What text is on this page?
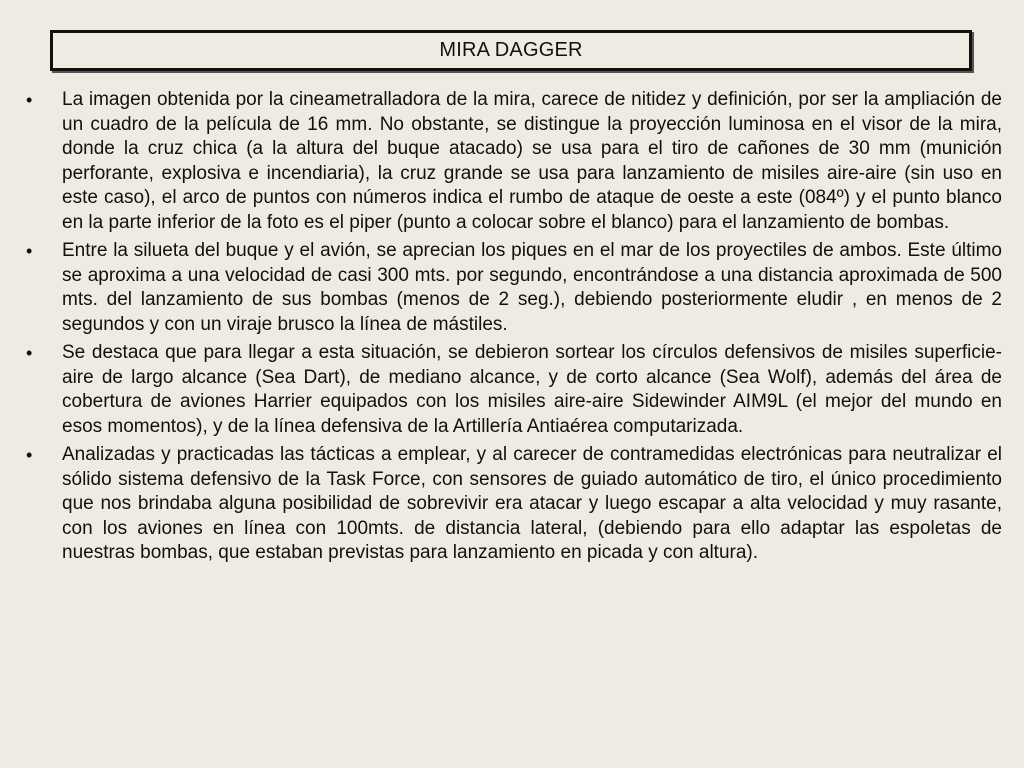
MIRA DAGGER
•	La imagen obtenida por la cineametralladora de la mira, carece de nitidez y definición, por ser la ampliación de un cuadro de la película de 16 mm. No obstante, se distingue la proyección luminosa en el visor de la mira, donde la cruz chica (a la altura del buque atacado) se usa para el tiro de cañones de 30 mm (munición perforante, explosiva e incendiaria), la cruz grande se usa para lanzamiento de misiles aire-aire (sin uso en este caso), el arco de puntos con números indica el rumbo de ataque de oeste a este (084º) y el punto blanco en la parte inferior de la foto es el piper (punto a colocar sobre el blanco) para el lanzamiento de bombas.
•	Entre la silueta del buque y el avión, se aprecian los piques en el mar de los proyectiles de ambos. Este último se aproxima a una velocidad de casi 300 mts. por segundo, encontrándose a una distancia aproximada de 500 mts. del lanzamiento de sus bombas (menos de 2 seg.), debiendo posteriormente eludir , en menos de 2 segundos y con un viraje brusco la línea de mástiles.
•	Se destaca que para llegar a esta situación, se debieron sortear los círculos defensivos de misiles superficie-aire de largo alcance (Sea Dart), de mediano alcance, y de corto alcance (Sea Wolf), además del área de cobertura de aviones Harrier equipados con los misiles aire-aire Sidewinder AIM9L (el mejor del mundo en esos momentos), y de la línea defensiva de la Artillería Antiaérea computarizada.
•	Analizadas y practicadas las tácticas a emplear, y al carecer de contramedidas electrónicas para neutralizar el sólido sistema defensivo de la Task Force, con sensores de guiado automático de tiro, el único procedimiento que nos brindaba alguna posibilidad de sobrevivir era atacar y luego escapar a alta velocidad y muy rasante, con los aviones en línea con 100mts. de distancia lateral, (debiendo para ello adaptar las espoletas de nuestras bombas, que estaban previstas para lanzamiento en picada y con altura).
